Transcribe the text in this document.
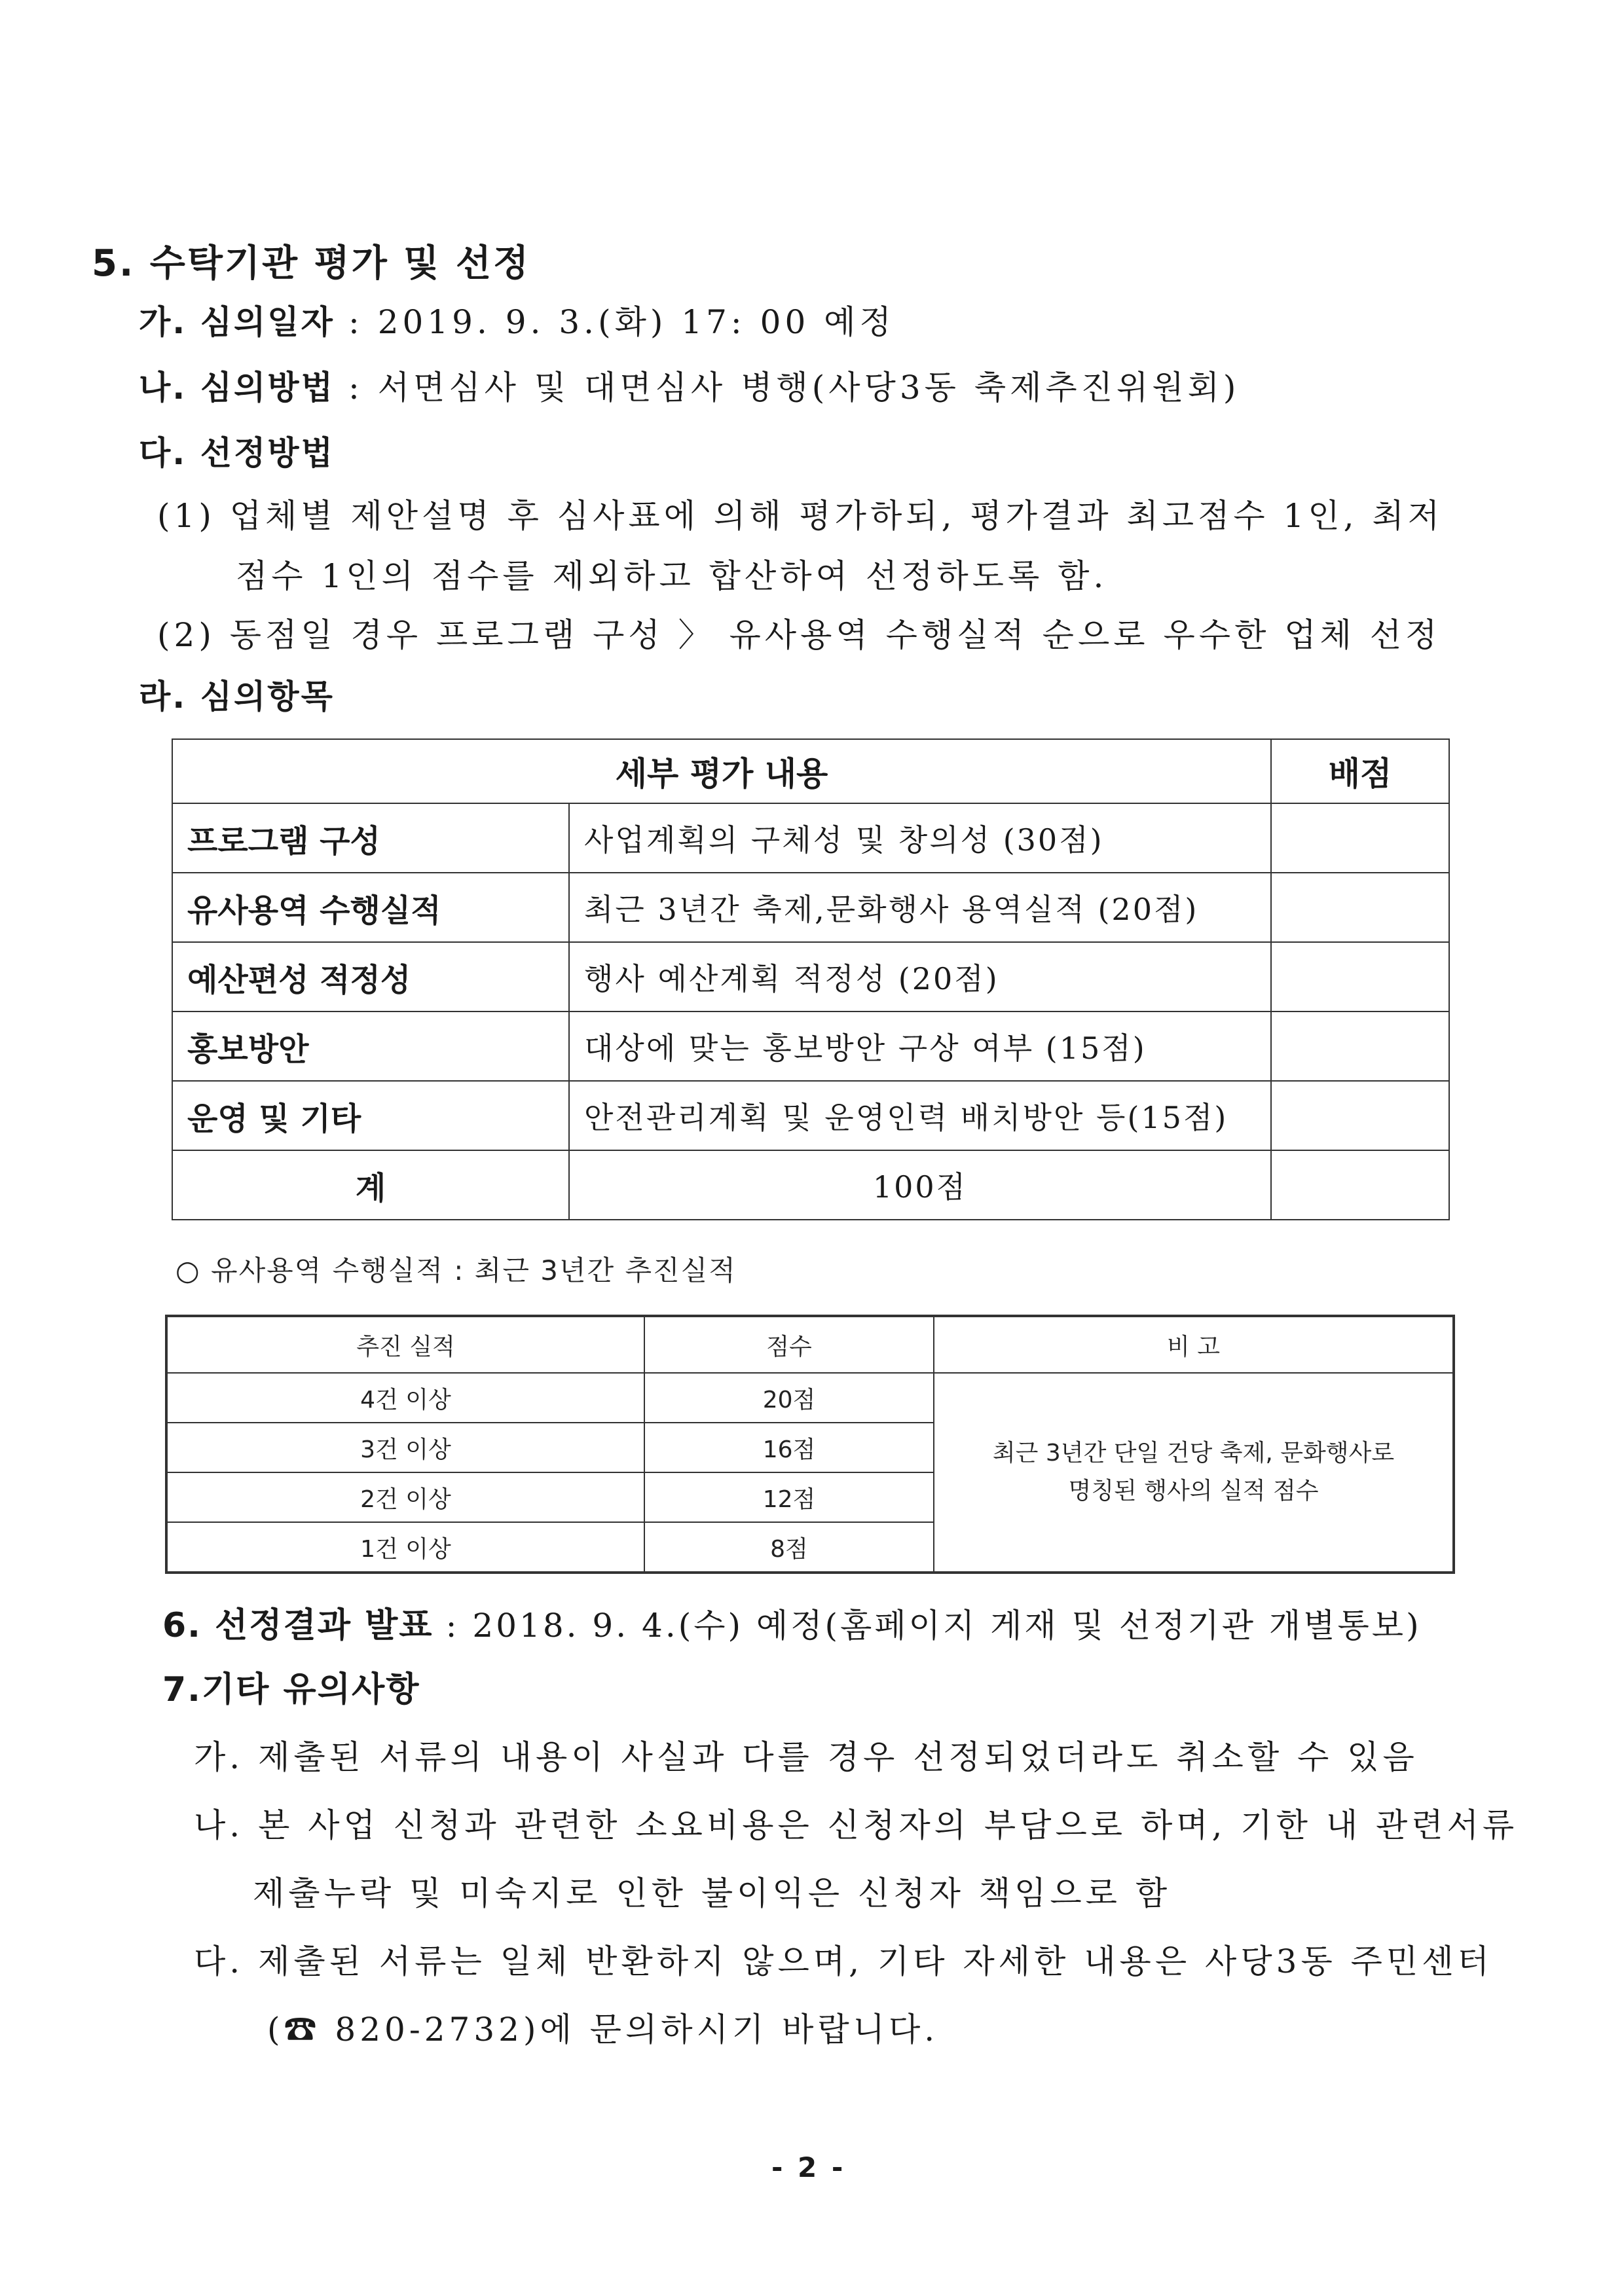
5. 수탁기관 평가 및 선정
가. 심의일자 : 2019. 9. 3.(화) 17: 00 예정
나. 심의방법 : 서면심사 및 대면심사 병행(사당3동 축제추진위원회)
다. 선정방법
(1) 업체별 제안설명 후 심사표에 의해 평가하되, 평가결과 최고점수 1인, 최저
점수 1인의 점수를 제외하고 합산하여 선정하도록 함.
(2) 동점일 경우 프로그램 구성 〉 유사용역 수행실적 순으로 우수한 업체 선정
라. 심의항목
세부 평가 내용		배점
프로그램 구성	사업계획의 구체성 및 창의성 (30점)	
유사용역 수행실적	최근 3년간 축제,문화행사 용역실적 (20점)	
예산편성 적정성	행사 예산계획 적정성 (20점)	
홍보방안	대상에 맞는 홍보방안 구상 여부 (15점)	
운영 및 기타	안전관리계획 및 운영인력 배치방안 등(15점)	
계	100점	
○ 유사용역 수행실적 : 최근 3년간 추진실적
추진 실적	점수	비 고
4건 이상	20점	최근 3년간 단일 건당 축제, 문화행사로
명칭된 행사의 실적 점수
3건 이상	16점	
2건 이상	12점	
1건 이상	8점	
6. 선정결과 발표 : 2018. 9. 4.(수) 예정(홈페이지 게재 및 선정기관 개별통보)
7.기타 유의사항
가. 제출된 서류의 내용이 사실과 다를 경우 선정되었더라도 취소할 수 있음
나. 본 사업 신청과 관련한 소요비용은 신청자의 부담으로 하며, 기한 내 관련서류
제출누락 및 미숙지로 인한 불이익은 신청자 책임으로 함
다. 제출된 서류는 일체 반환하지 않으며, 기타 자세한 내용은 사당3동 주민센터
(☎ 820-2732)에 문의하시기 바랍니다.
- 2 -
